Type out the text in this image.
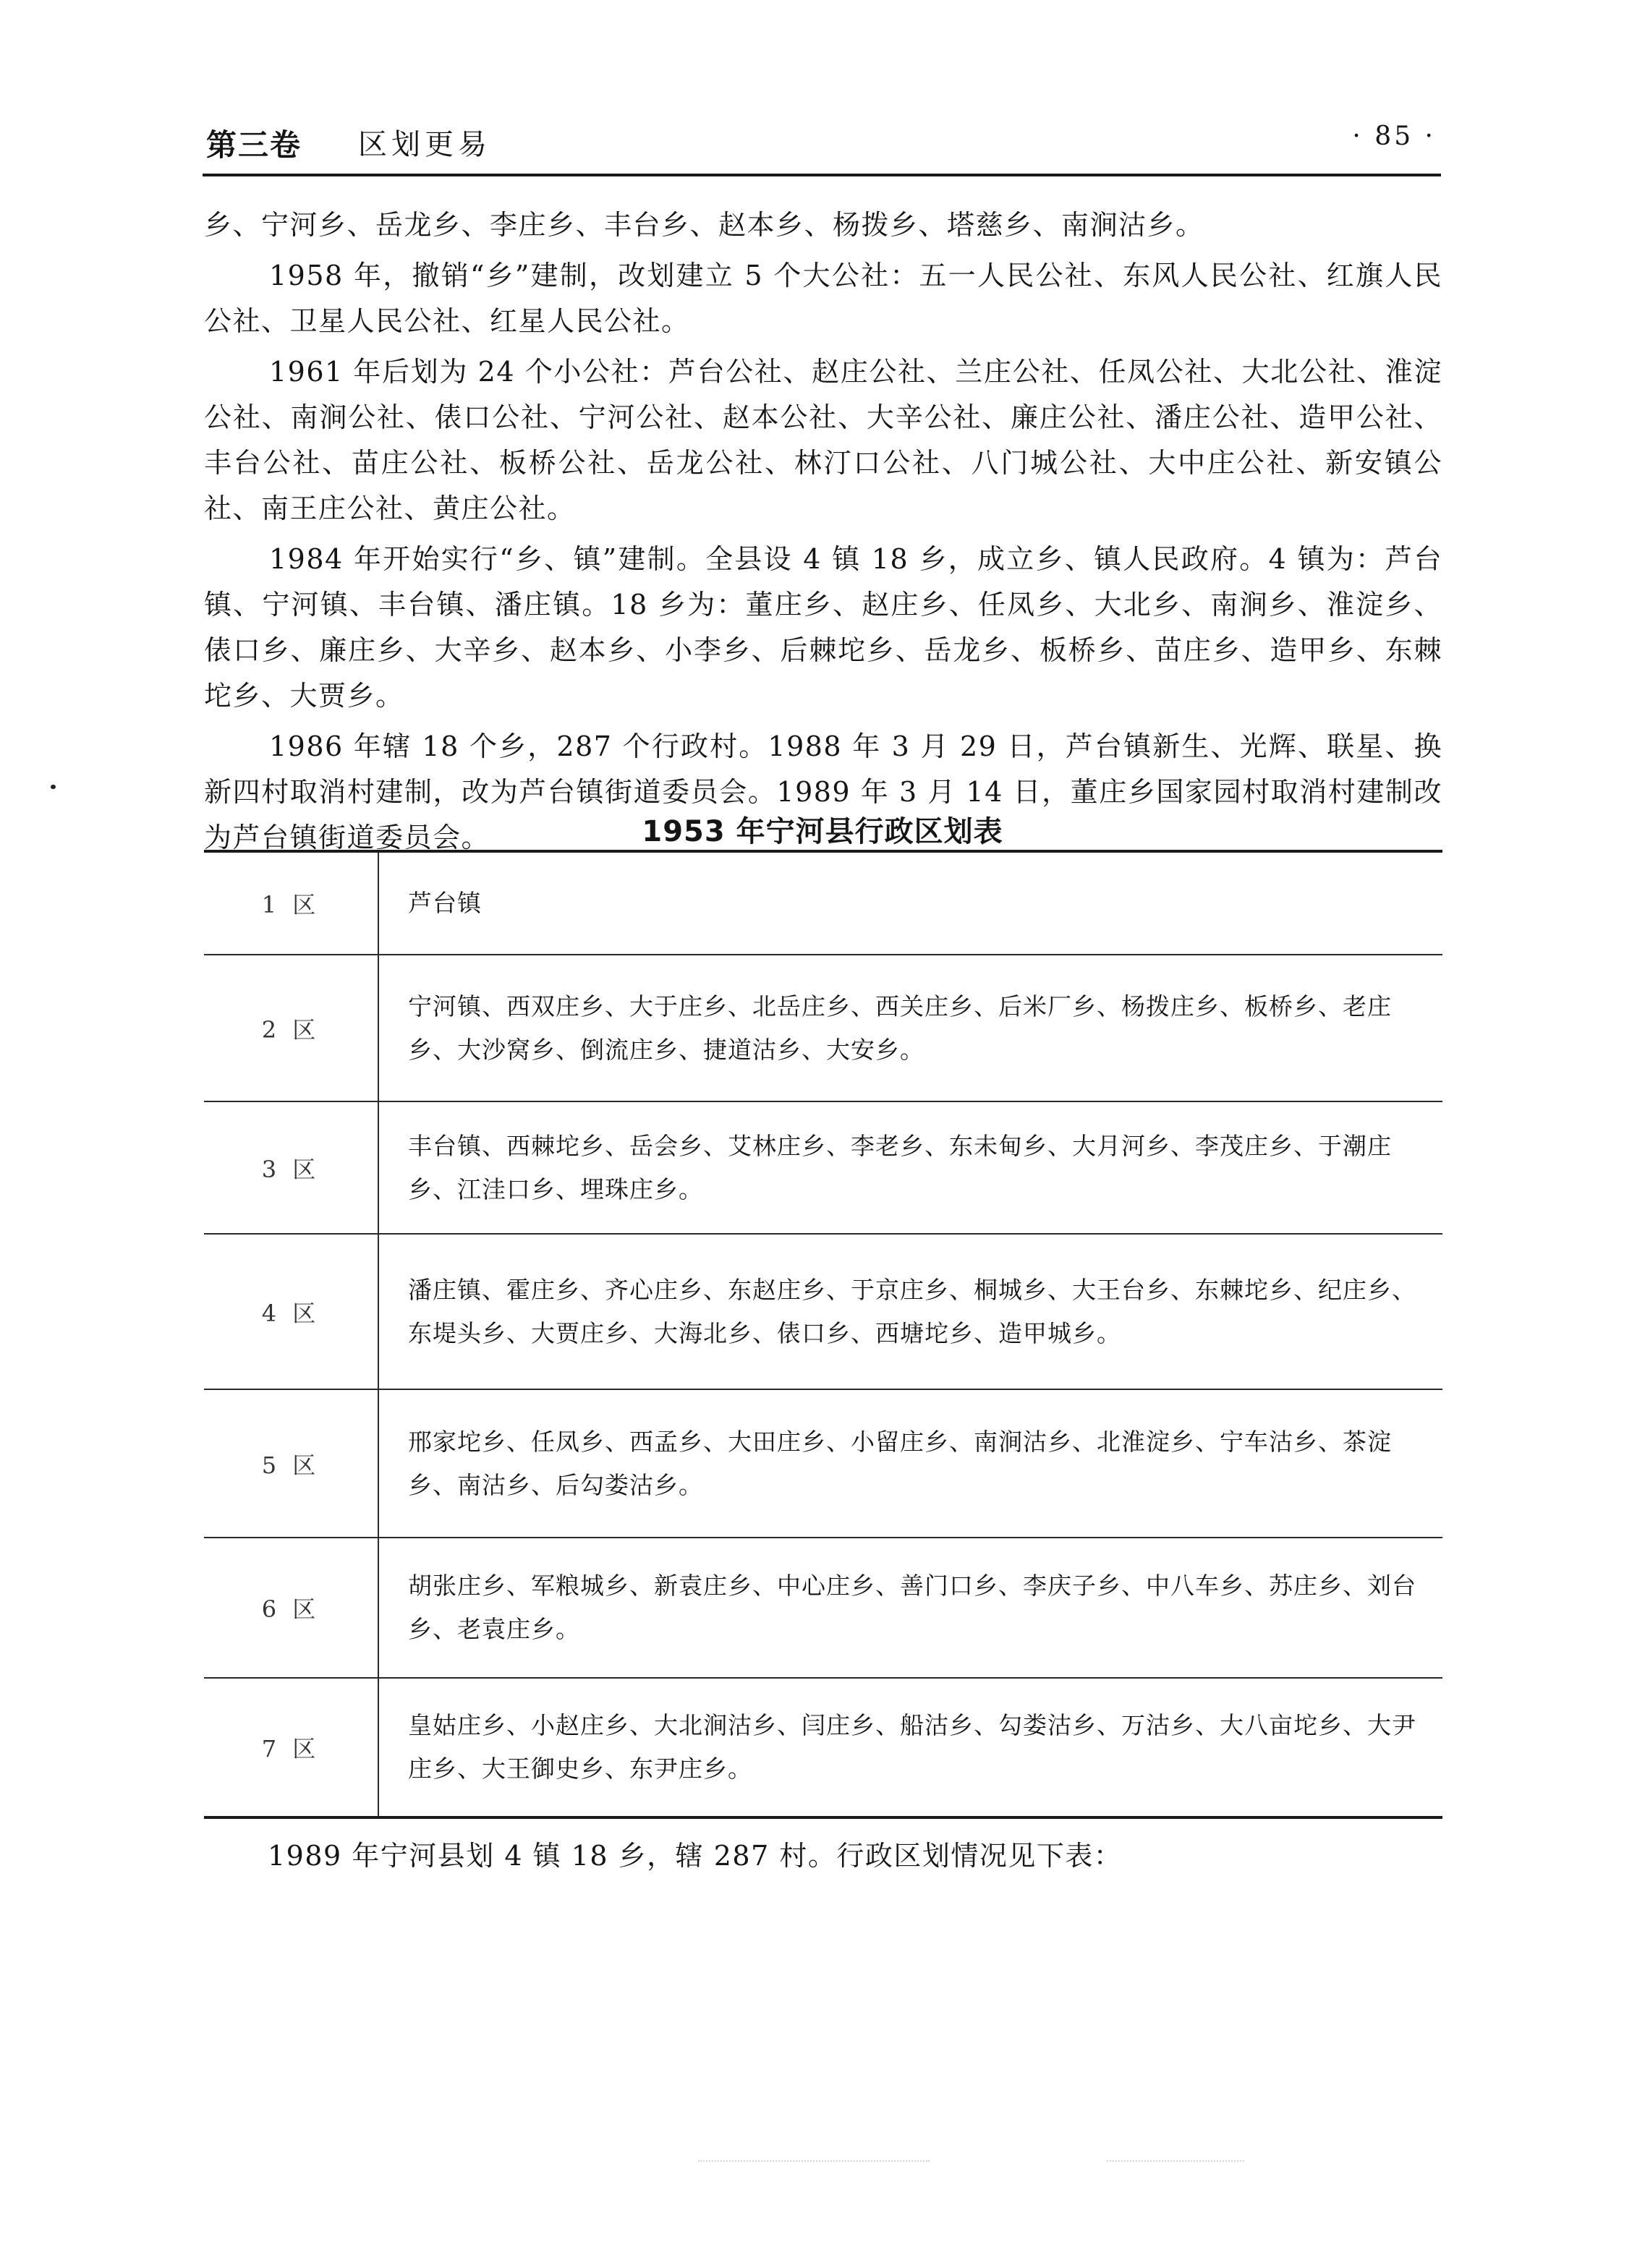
第三卷 区划更易	· 85 ·

乡、宁河乡、岳龙乡、李庄乡、丰台乡、赵本乡、杨拨乡、塔慈乡、南涧沽乡。

1958 年，撤销“乡”建制，改划建立 5 个大公社：五一人民公社、东风人民公社、红旗人民公社、卫星人民公社、红星人民公社。

1961 年后划为 24 个小公社：芦台公社、赵庄公社、兰庄公社、任凤公社、大北公社、淮淀公社、南涧公社、俵口公社、宁河公社、赵本公社、大辛公社、廉庄公社、潘庄公社、造甲公社、丰台公社、苗庄公社、板桥公社、岳龙公社、林汀口公社、八门城公社、大中庄公社、新安镇公社、南王庄公社、黄庄公社。

1984 年开始实行“乡、镇”建制。全县设 4 镇 18 乡，成立乡、镇人民政府。4 镇为：芦台镇、宁河镇、丰台镇、潘庄镇。18 乡为：董庄乡、赵庄乡、任凤乡、大北乡、南涧乡、淮淀乡、俵口乡、廉庄乡、大辛乡、赵本乡、小李乡、后棘坨乡、岳龙乡、板桥乡、苗庄乡、造甲乡、东棘坨乡、大贾乡。

1986 年辖 18 个乡，287 个行政村。1988 年 3 月 29 日，芦台镇新生、光辉、联星、换新四村取消村建制，改为芦台镇街道委员会。1989 年 3 月 14 日，董庄乡国家园村取消村建制改为芦台镇街道委员会。	1953 年宁河县行政区划表
1 区	芦台镇
2 区	宁河镇、西双庄乡、大于庄乡、北岳庄乡、西关庄乡、后米厂乡、杨拨庄乡、板桥乡、老庄乡、大沙窝乡、倒流庄乡、捷道沽乡、大安乡。
3 区	丰台镇、西棘坨乡、岳会乡、艾林庄乡、李老乡、东未甸乡、大月河乡、李茂庄乡、于潮庄乡、江洼口乡、埋珠庄乡。
4 区	潘庄镇、霍庄乡、齐心庄乡、东赵庄乡、于京庄乡、桐城乡、大王台乡、东棘坨乡、纪庄乡、东堤头乡、大贾庄乡、大海北乡、俵口乡、西塘坨乡、造甲城乡。
5 区	邢家坨乡、任凤乡、西孟乡、大田庄乡、小留庄乡、南涧沽乡、北淮淀乡、宁车沽乡、茶淀乡、南沽乡、后勾娄沽乡。
6 区	胡张庄乡、军粮城乡、新袁庄乡、中心庄乡、善门口乡、李庆子乡、中八车乡、苏庄乡、刘台乡、老袁庄乡。
7 区	皇姑庄乡、小赵庄乡、大北涧沽乡、闫庄乡、船沽乡、勾娄沽乡、万沽乡、大八亩坨乡、大尹庄乡、大王御史乡、东尹庄乡。
1989 年宁河县划 4 镇 18 乡，辖 287 村。行政区划情况见下表：
